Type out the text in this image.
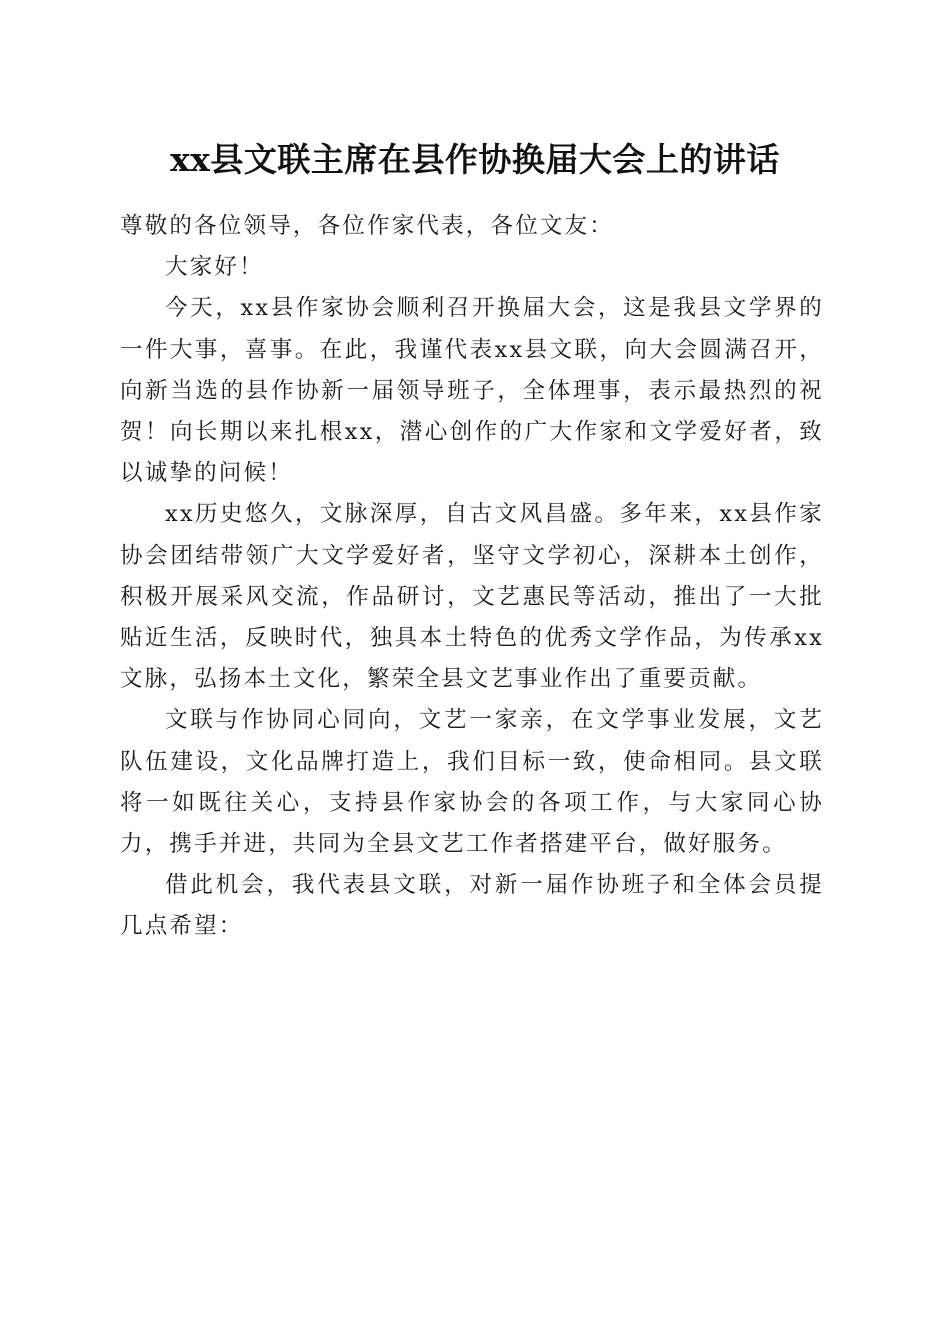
xx县文联主席在县作协换届大会上的讲话

尊敬的各位领导，各位作家代表，各位文友：

大家好！

今天，xx县作家协会顺利召开换届大会，这是我县文学界的一件大事，喜事。在此，我谨代表xx县文联，向大会圆满召开，向新当选的县作协新一届领导班子，全体理事，表示最热烈的祝贺！向长期以来扎根xx，潜心创作的广大作家和文学爱好者，致以诚挚的问候！

xx历史悠久，文脉深厚，自古文风昌盛。多年来，xx县作家协会团结带领广大文学爱好者，坚守文学初心，深耕本土创作，积极开展采风交流，作品研讨，文艺惠民等活动，推出了一大批贴近生活，反映时代，独具本土特色的优秀文学作品，为传承xx文脉，弘扬本土文化，繁荣全县文艺事业作出了重要贡献。

文联与作协同心同向，文艺一家亲，在文学事业发展，文艺队伍建设，文化品牌打造上，我们目标一致，使命相同。县文联将一如既往关心，支持县作家协会的各项工作，与大家同心协力，携手并进，共同为全县文艺工作者搭建平台，做好服务。

借此机会，我代表县文联，对新一届作协班子和全体会员提几点希望：
